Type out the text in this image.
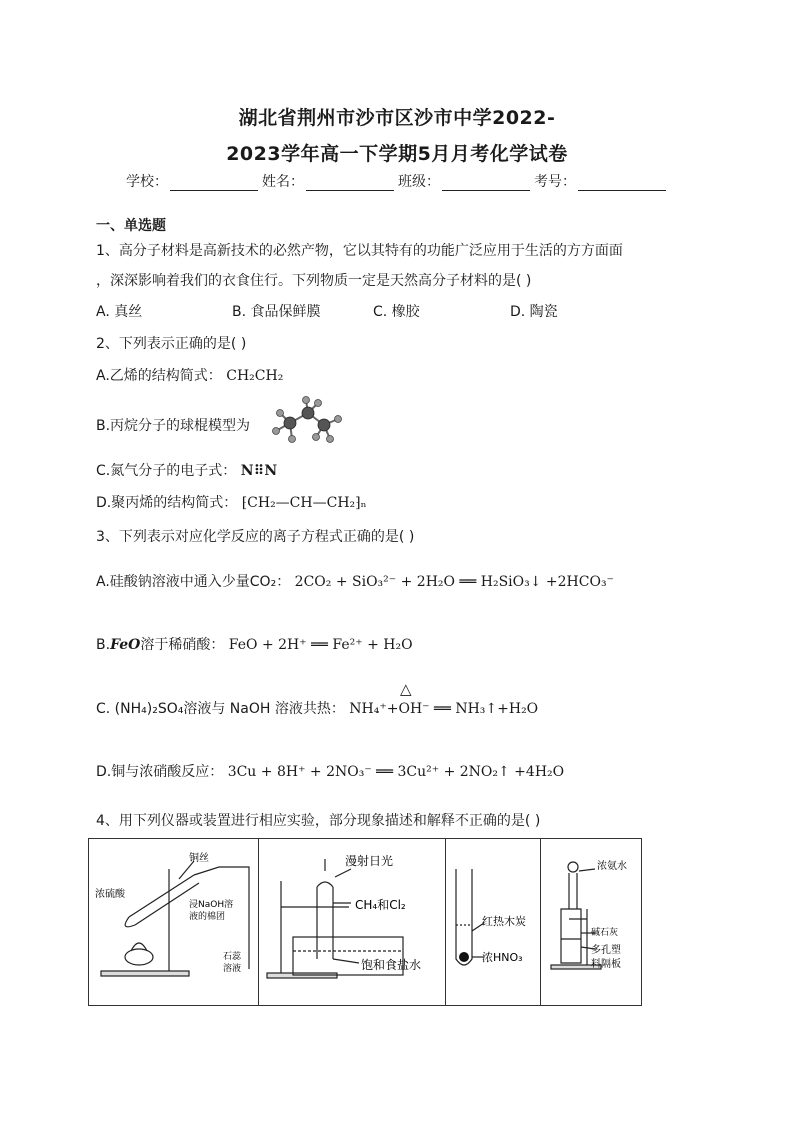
湖北省荆州市沙市区沙市中学2022-
2023学年高一下学期5月月考化学试卷
学校：	姓名：	班级：	考号：
一、单选题
1、高分子材料是高新技术的必然产物，它以其特有的功能广泛应用于生活的方方面面
，深深影响着我们的衣食住行。下列物质一定是天然高分子材料的是( )
A. 真丝	B. 食品保鲜膜	C. 橡胶	D. 陶瓷
2、下列表示正确的是( )
A.乙烯的结构简式： CH₂CH₂
B.丙烷分子的球棍模型为
C.氮气分子的电子式： N⠿N
D.聚丙烯的结构简式： ⁅CH₂—CH—CH₂⁆ₙ
3、下列表示对应化学反应的离子方程式正确的是( )
A.硅酸钠溶液中通入少量CO₂： 2CO₂ + SiO₃²⁻ + 2H₂O ══ H₂SiO₃↓ +2HCO₃⁻
B.FeO溶于稀硝酸： FeO + 2H⁺ ══ Fe²⁺ + H₂O
△
C. (NH₄)₂SO₄溶液与 NaOH 溶液共热： NH₄⁺+OH⁻ ══ NH₃↑+H₂O
D.铜与浓硝酸反应： 3Cu + 8H⁺ + 2NO₃⁻ ══ 3Cu²⁺ + 2NO₂↑ +4H₂O
4、用下列仪器或装置进行相应实验，部分现象描述和解释不正确的是( )
铜丝
浓硫酸
浸NaOH溶
液的棉团
石蕊
溶液
漫射日光
CH₄和Cl₂
饱和食盐水
红热木炭
浓HNO₃
浓氨水
碱石灰
多孔塑
料隔板
